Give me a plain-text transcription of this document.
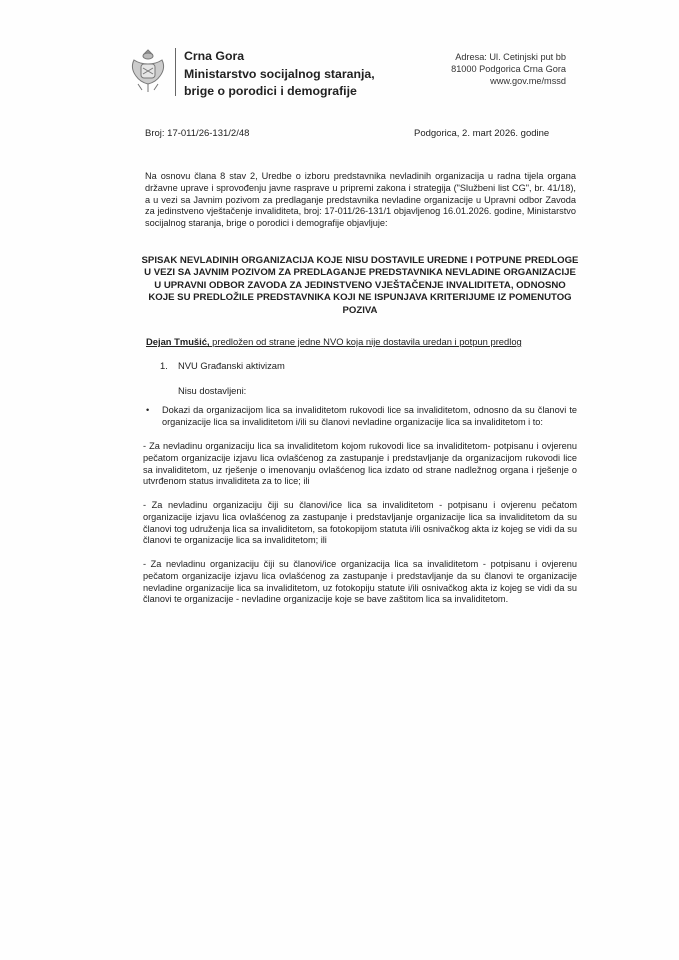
Crna Gora
Ministarstvo socijalnog staranja,
brige o porodici i demografije
Adresa: Ul. Cetinjski put bb
81000 Podgorica Crna Gora
www.gov.me/mssd
Broj: 17-011/26-131/2/48	Podgorica, 2. mart 2026. godine
Na osnovu člana 8 stav 2, Uredbe o izboru predstavnika nevladinih organizacija u radna tijela organa državne uprave i sprovođenju javne rasprave u pripremi zakona i strategija ("Službeni list CG", br. 41/18), a u vezi sa Javnim pozivom za predlaganje predstavnika nevladine organizacije u Upravni odbor Zavoda za jedinstveno vještačenje invaliditeta, broj: 17-011/26-131/1 objavljenog 16.01.2026. godine, Ministarstvo socijalnog staranja, brige o porodici i demografije objavljuje:
SPISAK NEVLADINIH ORGANIZACIJA KOJE NISU DOSTAVILE UREDNE I POTPUNE PREDLOGE U VEZI SA JAVNIM POZIVOM ZA PREDLAGANJE PREDSTAVNIKA NEVLADINE ORGANIZACIJE U UPRAVNI ODBOR ZAVODA ZA JEDINSTVENO VJEŠTAČENJE INVALIDITETA, ODNOSNO KOJE SU PREDLOŽILE PREDSTAVNIKA KOJI NE ISPUNJAVA KRITERIJUME IZ POMENUTOG POZIVA
Dejan Tmušić, predložen od strane jedne NVO koja nije dostavila uredan i potpun predlog
1. NVU Građanski aktivizam
Nisu dostavljeni:
• Dokazi da organizacijom lica sa invaliditetom rukovodi lice sa invaliditetom, odnosno da su članovi te organizacije lica sa invaliditetom i/ili su članovi nevladine organizacije lica sa invaliditetom i to:
- Za nevladinu organizaciju lica sa invaliditetom kojom rukovodi lice sa invaliditetom- potpisanu i ovjerenu pečatom organizacije izjavu lica ovlašćenog za zastupanje i predstavljanje da organizacijom rukovodi lice sa invaliditetom, uz rješenje o imenovanju ovlašćenog lica izdato od strane nadležnog organa i rješenje o utvrđenom status invaliditeta za to lice; ili
- Za nevladinu organizaciju čiji su članovi/ice lica sa invaliditetom - potpisanu i ovjerenu pečatom organizacije izjavu lica ovlašćenog za zastupanje i predstavljanje organizacije lica sa invaliditetom da su članovi tog udruženja lica sa invaliditetom, sa fotokopijom statuta i/ili osnivačkog akta iz kojeg se vidi da su članovi te organizacije lica sa invaliditetom; ili
- Za nevladinu organizaciju čiji su članovi/ice organizacija lica sa invaliditetom - potpisanu i ovjerenu pečatom organizacije izjavu lica ovlašćenog za zastupanje i predstavljanje da su članovi te organizacije nevladine organizacije lica sa invaliditetom, uz fotokopiju statute i/ili osnivačkog akta iz kojeg se vidi da su članovi te organizacije - nevladine organizacije koje se bave zaštitom lica sa invaliditetom.
